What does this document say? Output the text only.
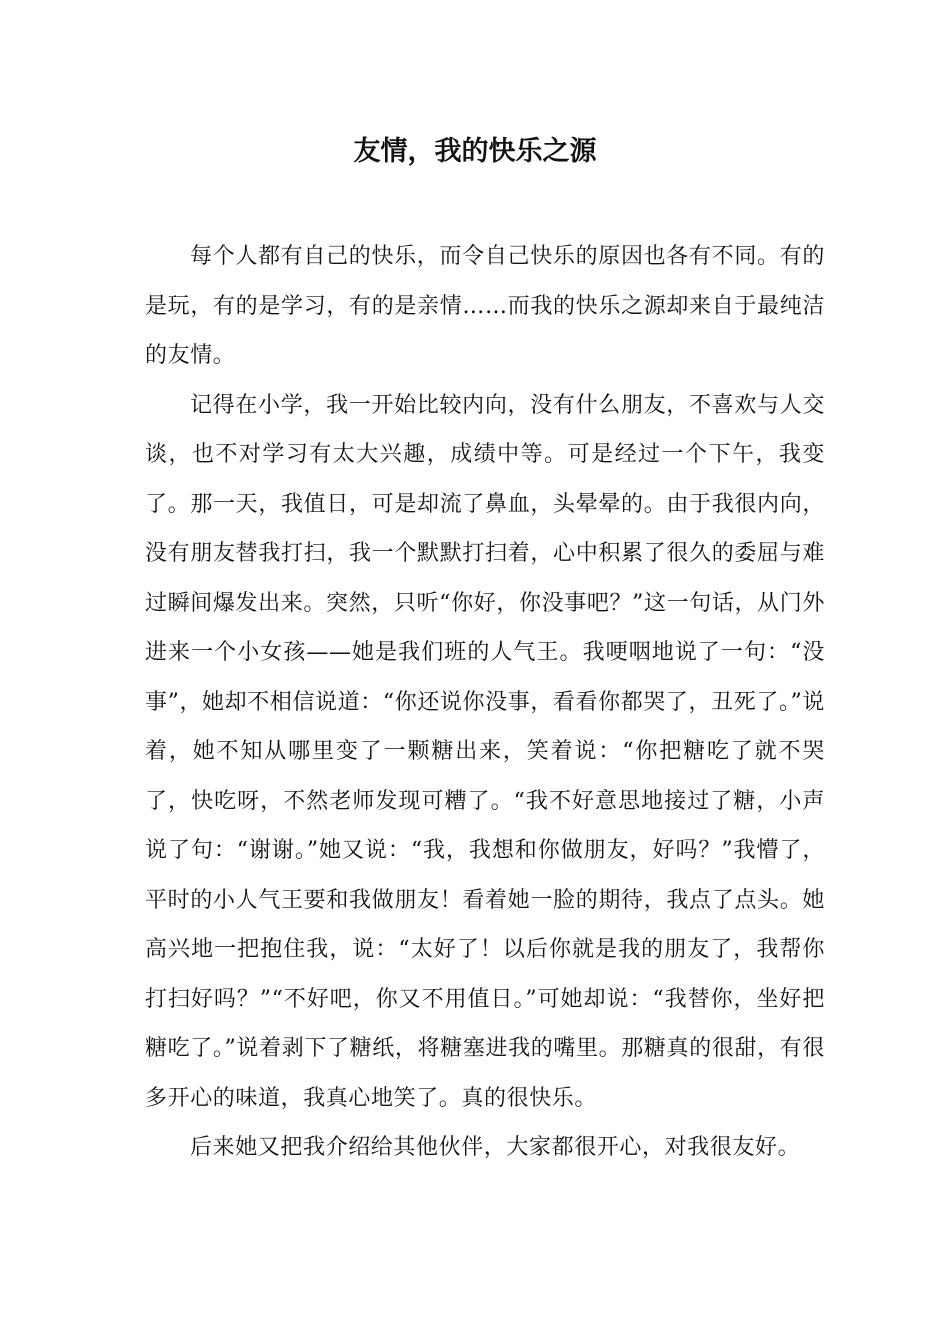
友情，我的快乐之源

每个人都有自己的快乐，而令自己快乐的原因也各有不同。有的是玩，有的是学习，有的是亲情……而我的快乐之源却来自于最纯洁的友情。

记得在小学，我一开始比较内向，没有什么朋友，不喜欢与人交谈，也不对学习有太大兴趣，成绩中等。可是经过一个下午，我变了。那一天，我值日，可是却流了鼻血，头晕晕的。由于我很内向，没有朋友替我打扫，我一个默默打扫着，心中积累了很久的委屈与难过瞬间爆发出来。突然，只听“你好，你没事吧？”这一句话，从门外进来一个小女孩——她是我们班的人气王。我哽咽地说了一句：“没事”，她却不相信说道：“你还说你没事，看看你都哭了，丑死了。”说着，她不知从哪里变了一颗糖出来，笑着说：“你把糖吃了就不哭了，快吃呀，不然老师发现可糟了。“我不好意思地接过了糖，小声说了句：“谢谢。”她又说：“我，我想和你做朋友，好吗？”我懵了，平时的小人气王要和我做朋友！看着她一脸的期待，我点了点头。她高兴地一把抱住我，说：“太好了！以后你就是我的朋友了，我帮你打扫好吗？”“不好吧，你又不用值日。”可她却说：“我替你，坐好把糖吃了。”说着剥下了糖纸，将糖塞进我的嘴里。那糖真的很甜，有很多开心的味道，我真心地笑了。真的很快乐。

后来她又把我介绍给其他伙伴，大家都很开心，对我很友好。
